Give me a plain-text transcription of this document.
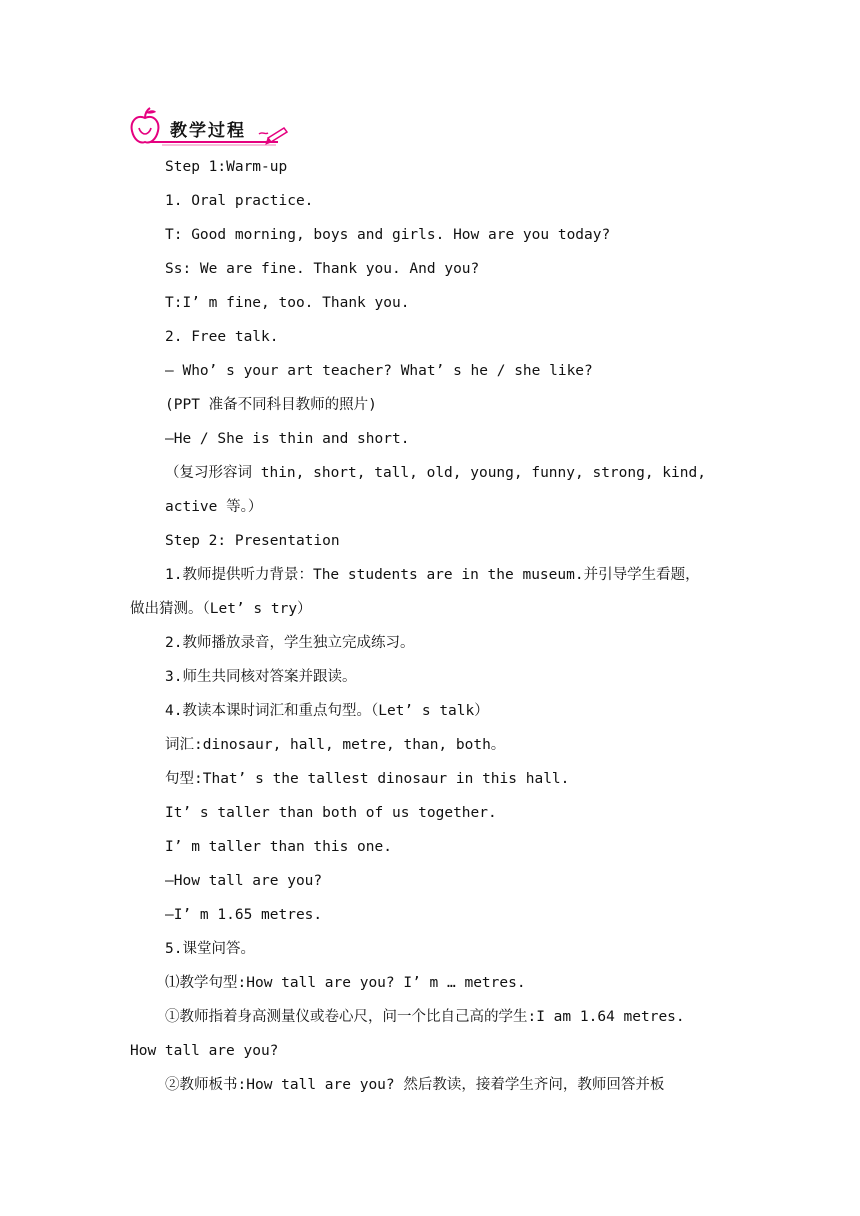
教学过程
Step 1:Warm-up
1. Oral practice.
T: Good morning, boys and girls. How are you today?
Ss: We are fine. Thank you. And you?
T:I’ m fine, too. Thank you.
2. Free talk.
— Who’ s your art teacher? What’ s he / she like?
(PPT 准备不同科目教师的照片)
—He / She is thin and short.
（复习形容词 thin, short, tall, old, young, funny, strong, kind,
active 等。）
Step 2: Presentation
1.教师提供听力背景：The students are in the museum.并引导学生看题，
做出猜测。（Let’ s try）
2.教师播放录音，学生独立完成练习。
3.师生共同核对答案并跟读。
4.教读本课时词汇和重点句型。（Let’ s talk）
词汇:dinosaur, hall, metre, than, both。
句型:That’ s the tallest dinosaur in this hall.
It’ s taller than both of us together.
I’ m taller than this one.
—How tall are you?
—I’ m 1.65 metres.
5.课堂问答。
⑴教学句型:How tall are you? I’ m … metres.
①教师指着身高测量仪或卷心尺，问一个比自己高的学生:I am 1.64 metres.
How tall are you?
②教师板书:How tall are you? 然后教读，接着学生齐问，教师回答并板
